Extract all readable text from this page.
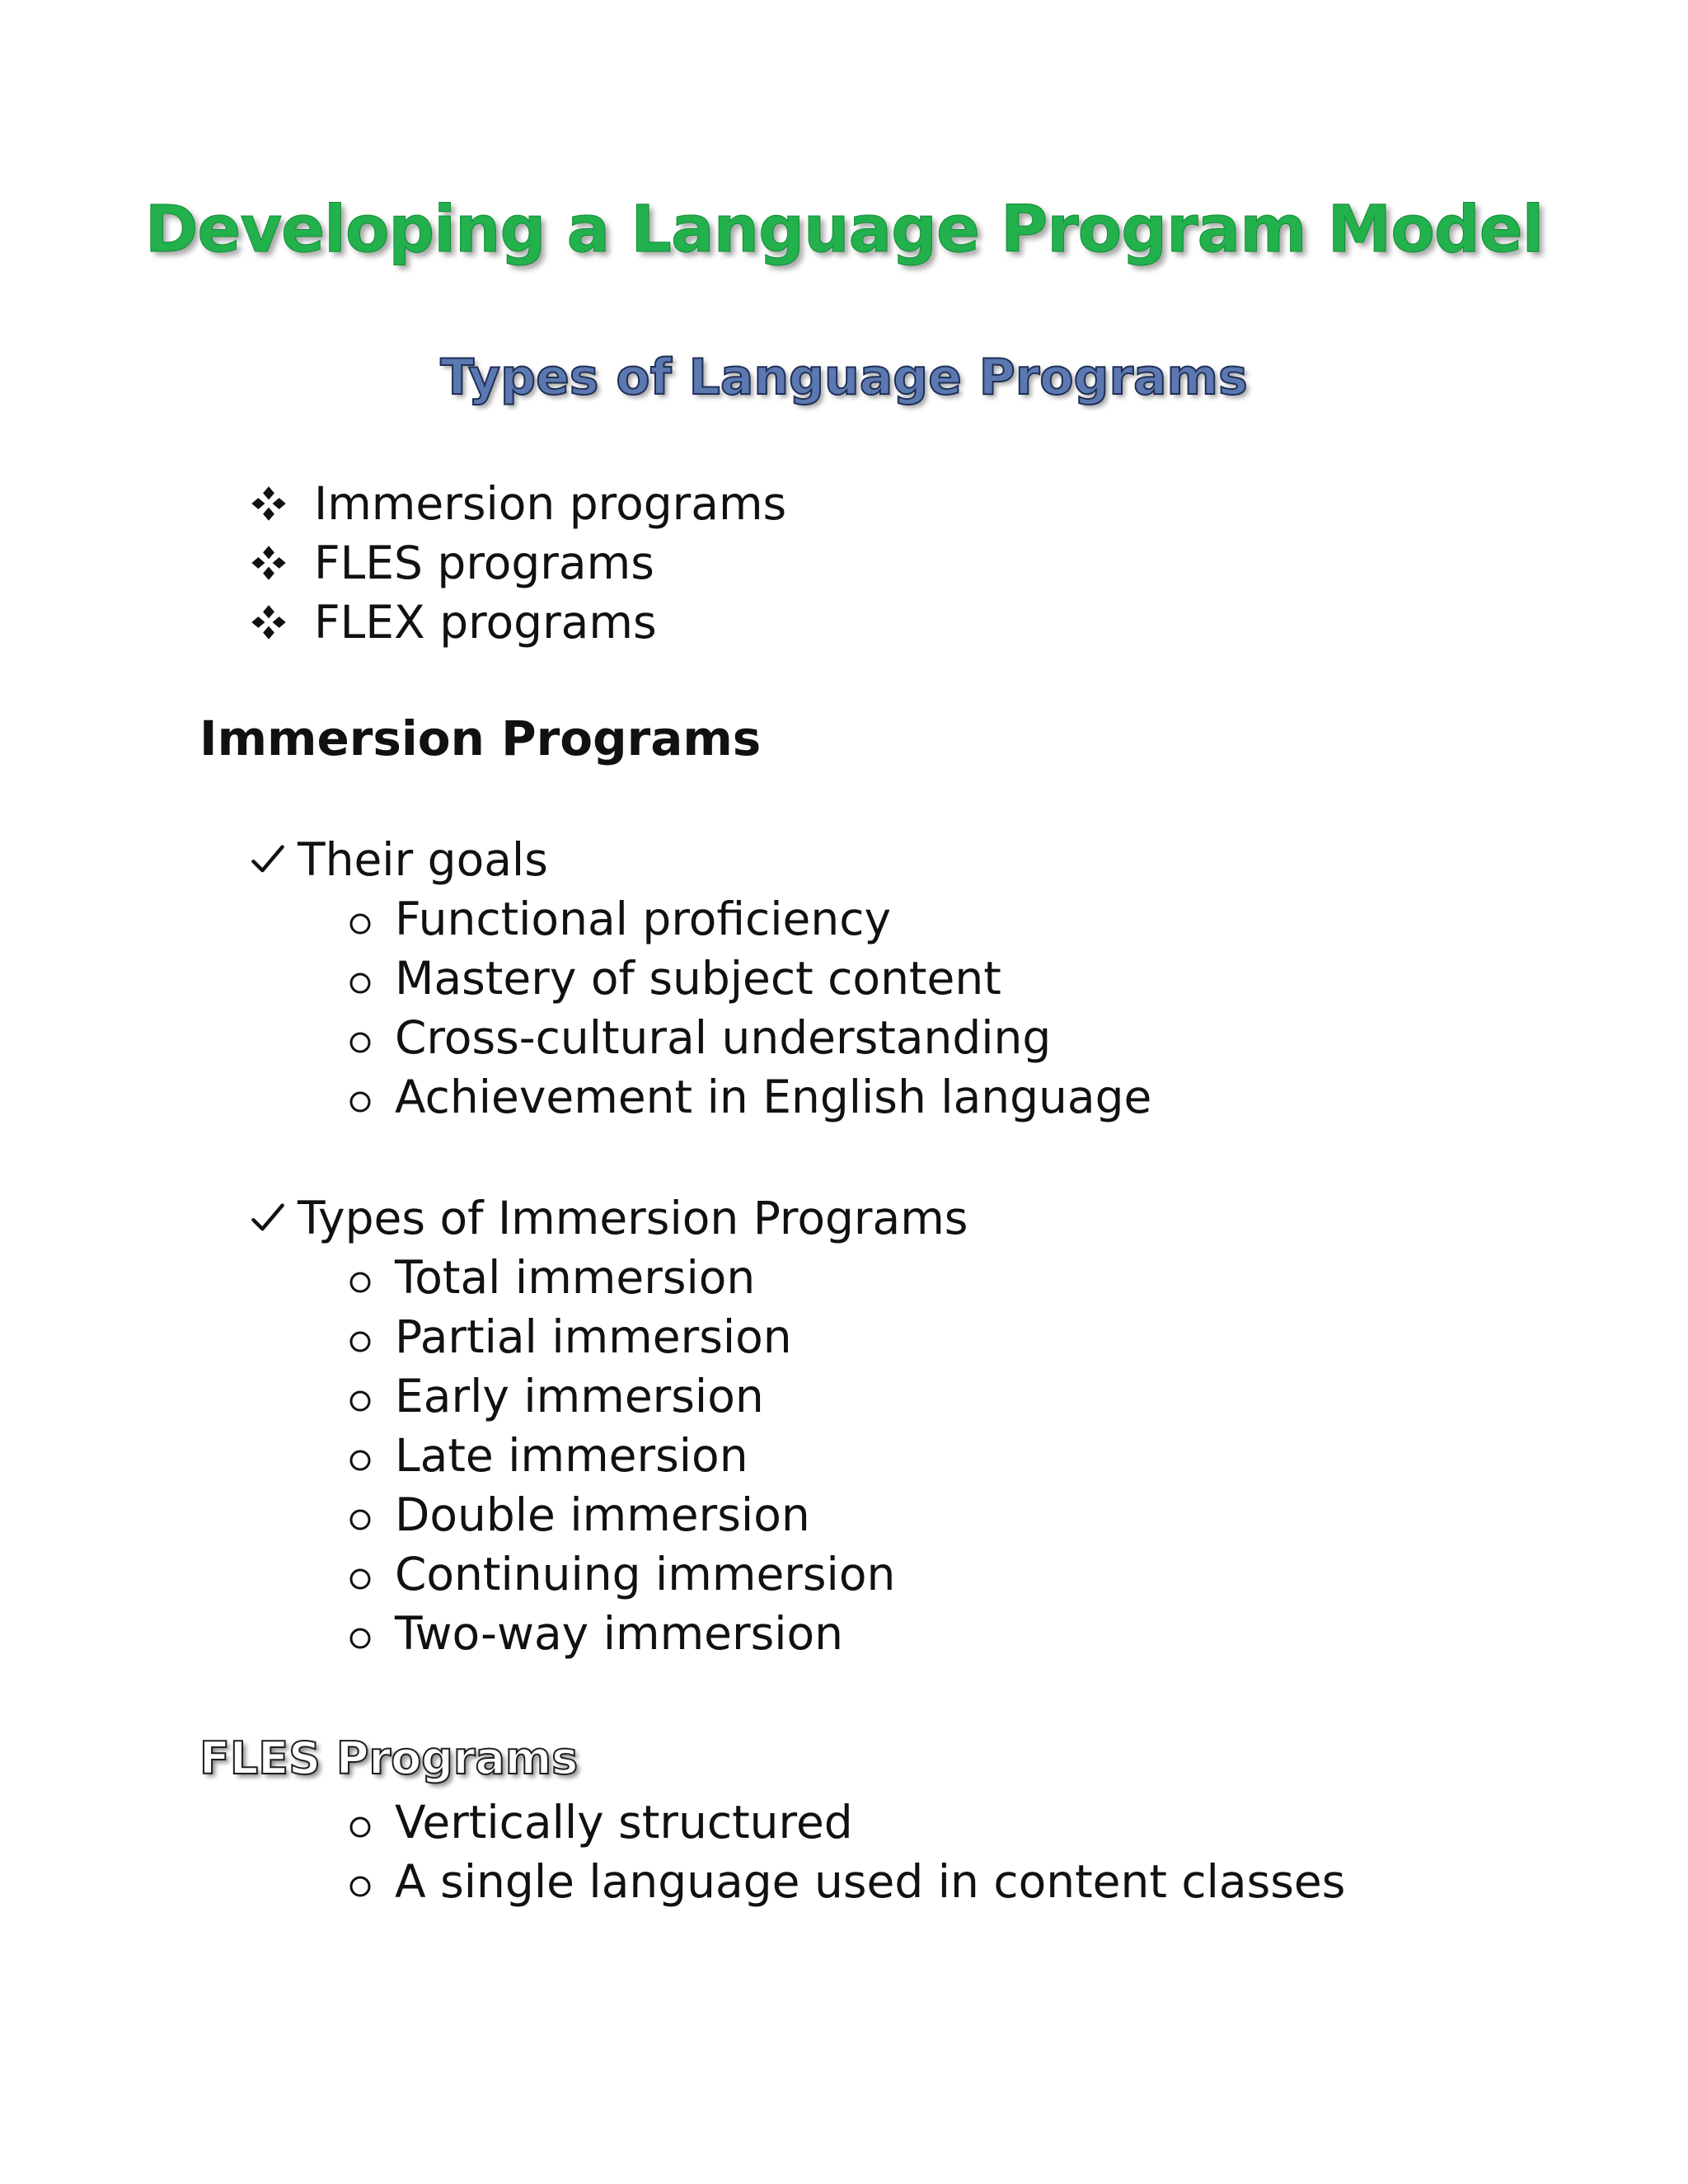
Developing a Language Program Model
Types of Language Programs
Immersion programs
FLES programs
FLEX programs
Immersion Programs
Their goals
Functional proficiency
Mastery of subject content
Cross-cultural understanding
Achievement in English language
Types of Immersion Programs
Total immersion
Partial immersion
Early immersion
Late immersion
Double immersion
Continuing immersion
Two-way immersion
FLES Programs
Vertically structured
A single language used in content classes
